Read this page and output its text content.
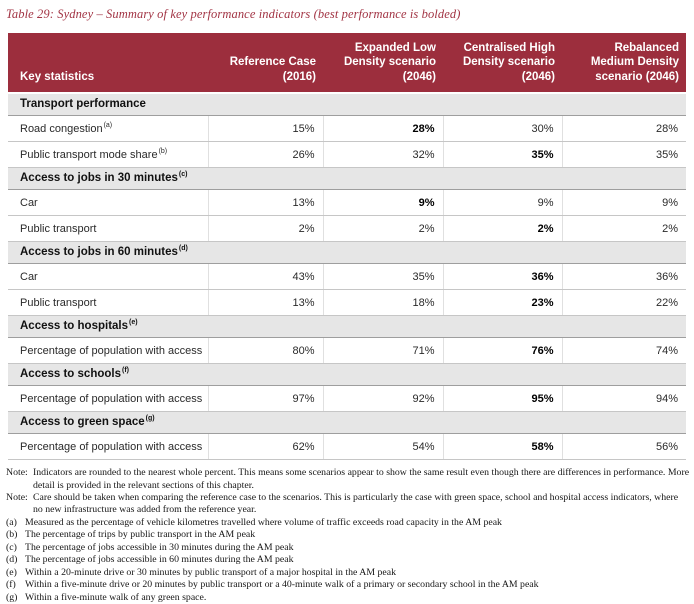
Table 29: Sydney – Summary of key performance indicators (best performance is bolded)
Key statistics	Reference Case (2016)	Expanded Low Density scenario (2046)	Centralised High Density scenario (2046)	Rebalanced Medium Density scenario (2046)
Transport performance				
Road congestion$^{(a)}$	15%	28%	30%	28%
Public transport mode share$^{(b)}$	26%	32%	35%	35%
Access to jobs in 30 minutes$^{(c)}$
Car	13%	9%	9%	9%
Public transport	2%	2%	2%	2%
Access to jobs in 60 minutes$^{(d)}$
Car	43%	35%	36%	36%
Public transport	13%	18%	23%	22%
Access to hospitals$^{(e)}$
Percentage of population with access	80%	71%	76%	74%
Access to schools$^{(f)}$
Percentage of population with access	97%	92%	95%	94%
Access to green space$^{(g)}$
Percentage of population with access	62%	54%	58%	56%
Note: Indicators are rounded to the nearest whole percent. This means some scenarios appear to show the same result even though there are differences in performance. More detail is provided in the relevant sections of this chapter.
Note: Care should be taken when comparing the reference case to the scenarios. This is particularly the case with green space, school and hospital access indicators, where no new infrastructure was added from the reference year.
(a) Measured as the percentage of vehicle kilometres travelled where volume of traffic exceeds road capacity in the AM peak
(b) The percentage of trips by public transport in the AM peak
(c) The percentage of jobs accessible in 30 minutes during the AM peak
(d) The percentage of jobs accessible in 60 minutes during the AM peak
(e) Within a 20-minute drive or 30 minutes by public transport of a major hospital in the AM peak
(f) Within a five-minute drive or 20 minutes by public transport or a 40-minute walk of a primary or secondary school in the AM peak
(g) Within a five-minute walk of any green space.
